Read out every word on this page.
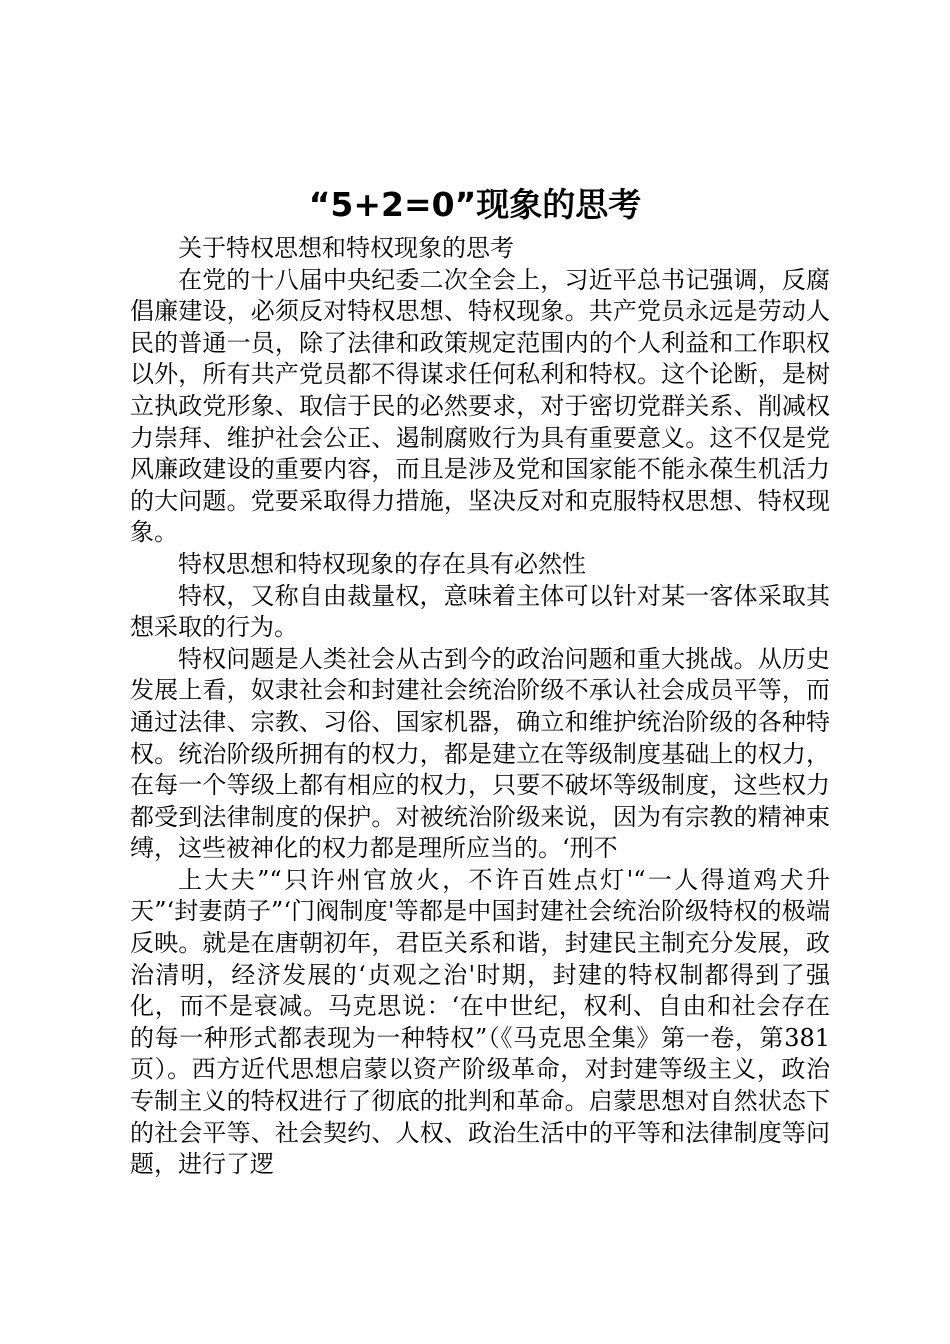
“5+2=0”现象的思考

关于特权思想和特权现象的思考

在党的十八届中央纪委二次全会上，习近平总书记强调，反腐倡廉建设，必须反对特权思想、特权现象。共产党员永远是劳动人民的普通一员，除了法律和政策规定范围内的个人利益和工作职权以外，所有共产党员都不得谋求任何私利和特权。这个论断，是树立执政党形象、取信于民的必然要求，对于密切党群关系、削减权力崇拜、维护社会公正、遏制腐败行为具有重要意义。这不仅是党风廉政建设的重要内容，而且是涉及党和国家能不能永葆生机活力的大问题。党要采取得力措施，坚决反对和克服特权思想、特权现象。

特权思想和特权现象的存在具有必然性

特权，又称自由裁量权，意味着主体可以针对某一客体采取其想采取的行为。

特权问题是人类社会从古到今的政治问题和重大挑战。从历史发展上看，奴隶社会和封建社会统治阶级不承认社会成员平等，而通过法律、宗教、习俗、国家机器，确立和维护统治阶级的各种特权。统治阶级所拥有的权力，都是建立在等级制度基础上的权力，在每一个等级上都有相应的权力，只要不破坏等级制度，这些权力都受到法律制度的保护。对被统治阶级来说，因为有宗教的精神束缚，这些被神化的权力都是理所应当的。‘刑不

上大夫”“只许州官放火，不许百姓点灯'“一人得道鸡犬升天”‘封妻荫子”‘门阀制度'等都是中国封建社会统治阶级特权的极端反映。就是在唐朝初年，君臣关系和谐，封建民主制充分发展，政治清明，经济发展的‘贞观之治'时期，封建的特权制都得到了强化，而不是衰减。马克思说：‘在中世纪，权利、自由和社会存在的每一种形式都表现为一种特权”（《马克思全集》第一卷，第381页）。西方近代思想启蒙以资产阶级革命，对封建等级主义，政治专制主义的特权进行了彻底的批判和革命。启蒙思想对自然状态下的社会平等、社会契约、人权、政治生活中的平等和法律制度等问题，进行了逻
